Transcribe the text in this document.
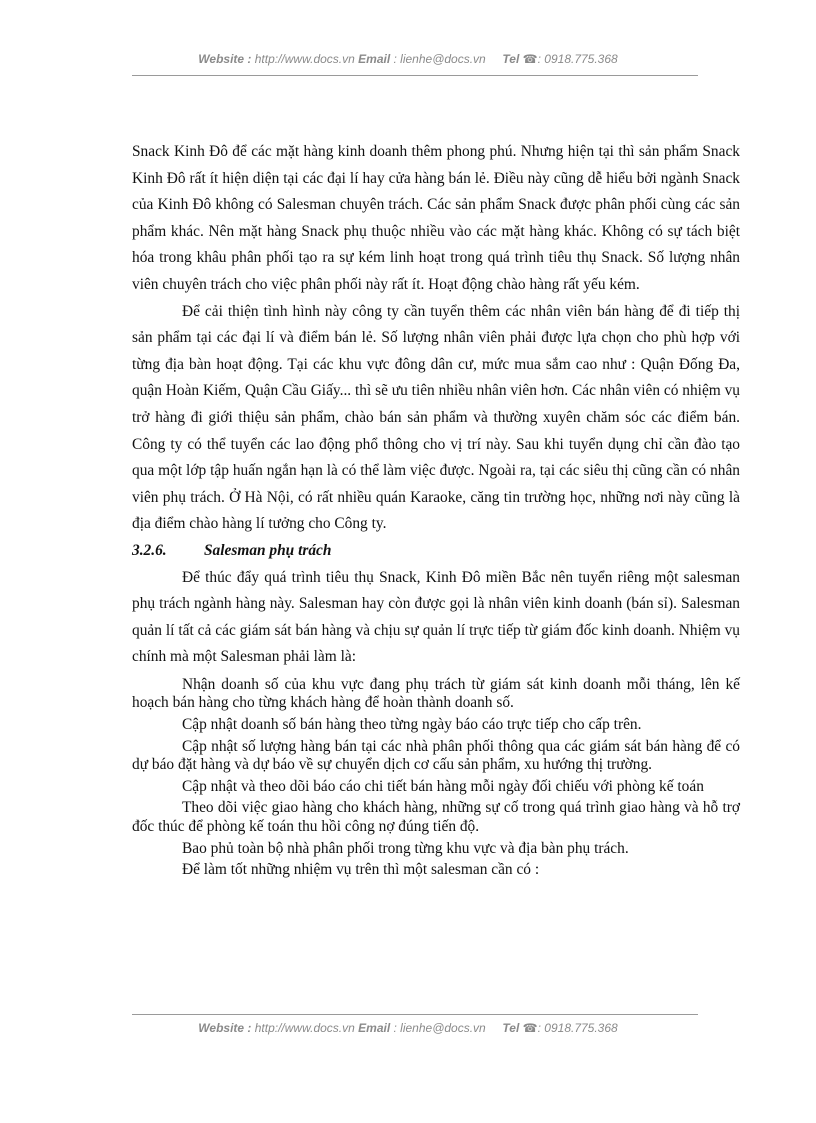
Website : http://www.docs.vn Email : lienhe@docs.vn Tel ☎: 0918.775.368

Snack Kinh Đô để các mặt hàng kinh doanh thêm phong phú. Nhưng hiện tại thì sản phẩm Snack Kinh Đô rất ít hiện diện tại các đại lí hay cửa hàng bán lẻ. Điều này cũng dễ hiểu bởi ngành Snack của Kinh Đô không có Salesman chuyên trách. Các sản phẩm Snack được phân phối cùng các sản phẩm khác. Nên mặt hàng Snack phụ thuộc nhiều vào các mặt hàng khác. Không có sự tách biệt hóa trong khâu phân phối tạo ra sự kém linh hoạt trong quá trình tiêu thụ Snack. Số lượng nhân viên chuyên trách cho việc phân phối này rất ít. Hoạt động chào hàng rất yếu kém.

Để cải thiện tình hình này công ty cần tuyển thêm các nhân viên bán hàng để đi tiếp thị sản phẩm tại các đại lí và điểm bán lẻ. Số lượng nhân viên phải được lựa chọn cho phù hợp với từng địa bàn hoạt động. Tại các khu vực đông dân cư, mức mua sắm cao như : Quận Đống Đa, quận Hoàn Kiếm, Quận Cầu Giấy... thì sẽ ưu tiên nhiều nhân viên hơn. Các nhân viên có nhiệm vụ trở hàng đi giới thiệu sản phẩm, chào bán sản phẩm và thường xuyên chăm sóc các điểm bán. Công ty có thể tuyển các lao động phổ thông cho vị trí này. Sau khi tuyển dụng chỉ cần đào tạo qua một lớp tập huấn ngắn hạn là có thể làm việc được. Ngoài ra, tại các siêu thị cũng cần có nhân viên phụ trách. Ở Hà Nội, có rất nhiều quán Karaoke, căng tin trường học, những nơi này cũng là địa điểm chào hàng lí tưởng cho Công ty.

3.2.6. Salesman phụ trách

Để thúc đẩy quá trình tiêu thụ Snack, Kinh Đô miền Bắc nên tuyển riêng một salesman phụ trách ngành hàng này. Salesman hay còn được gọi là nhân viên kinh doanh (bán sỉ). Salesman quản lí tất cả các giám sát bán hàng và chịu sự quản lí trực tiếp từ giám đốc kinh doanh. Nhiệm vụ chính mà một Salesman phải làm là:

Nhận doanh số của khu vực đang phụ trách từ giám sát kinh doanh mỗi tháng, lên kế hoạch bán hàng cho từng khách hàng để hoàn thành doanh số.

Cập nhật doanh số bán hàng theo từng ngày báo cáo trực tiếp cho cấp trên.

Cập nhật số lượng hàng bán tại các nhà phân phối thông qua các giám sát bán hàng để có dự báo đặt hàng và dự báo về sự chuyển dịch cơ cấu sản phẩm, xu hướng thị trường.

Cập nhật và theo dõi báo cáo chi tiết bán hàng mỗi ngày đối chiếu với phòng kế toán

Theo dõi việc giao hàng cho khách hàng, những sự cố trong quá trình giao hàng và hỗ trợ đốc thúc để phòng kế toán thu hồi công nợ đúng tiến độ.

Bao phủ toàn bộ nhà phân phối trong từng khu vực và địa bàn phụ trách.

Để làm tốt những nhiệm vụ trên thì một salesman cần có :

Website : http://www.docs.vn Email : lienhe@docs.vn Tel ☎: 0918.775.368
